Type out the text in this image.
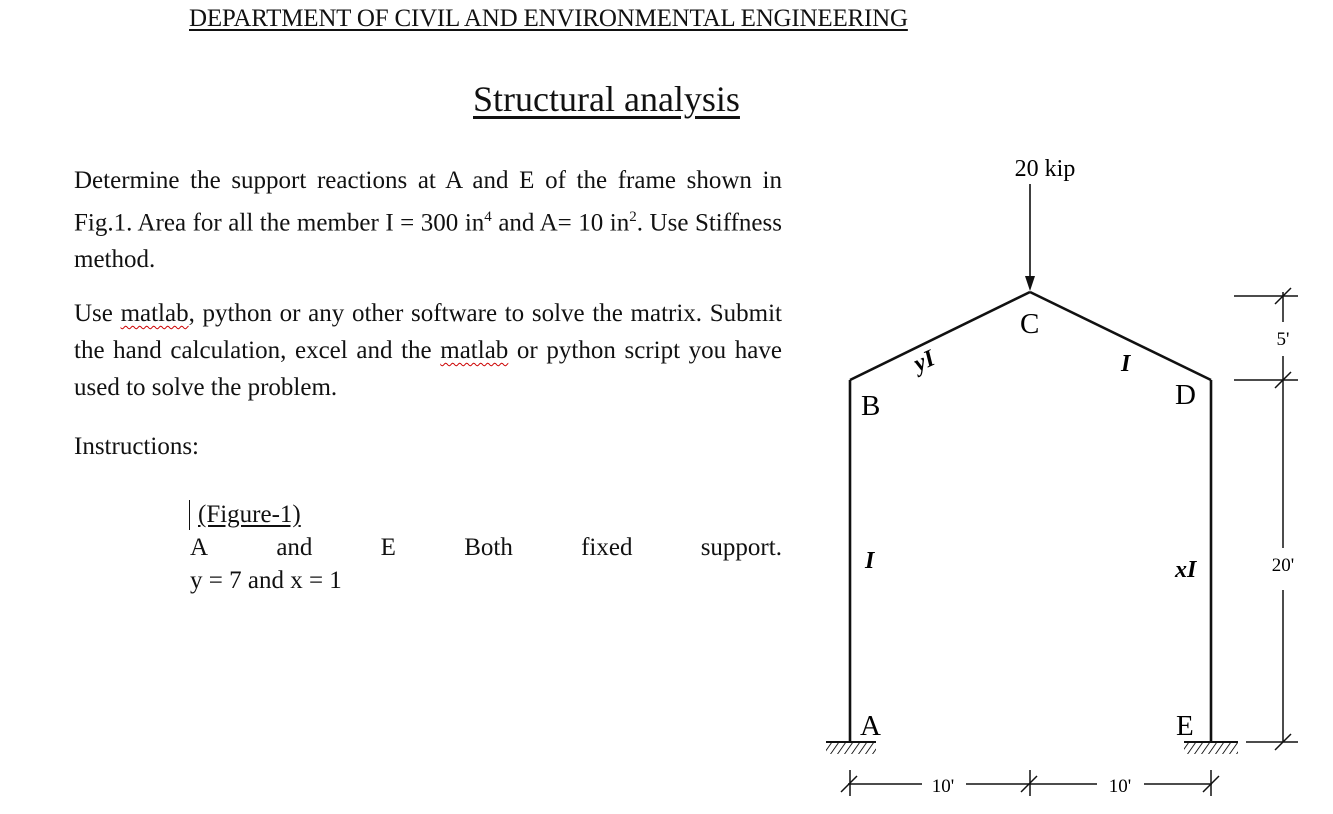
DEPARTMENT OF CIVIL AND ENVIRONMENTAL ENGINEERING
Structural analysis
Determine the support reactions at A and E of the frame shown in Fig.1. Area for all the member I = 300 $in^4$ and A= 10 $in^2$. Use Stiffness method.
Use matlab, python or any other software to solve the matrix. Submit the hand calculation, excel and the matlab or python script you have used to solve the problem.
Instructions:
(Figure-1)
A	and	E	Both	fixed	support.
y = 7 and x = 1
20 kip
B
C
D
A	E
yI	I
I	xI
10'	10'
5'
20'
